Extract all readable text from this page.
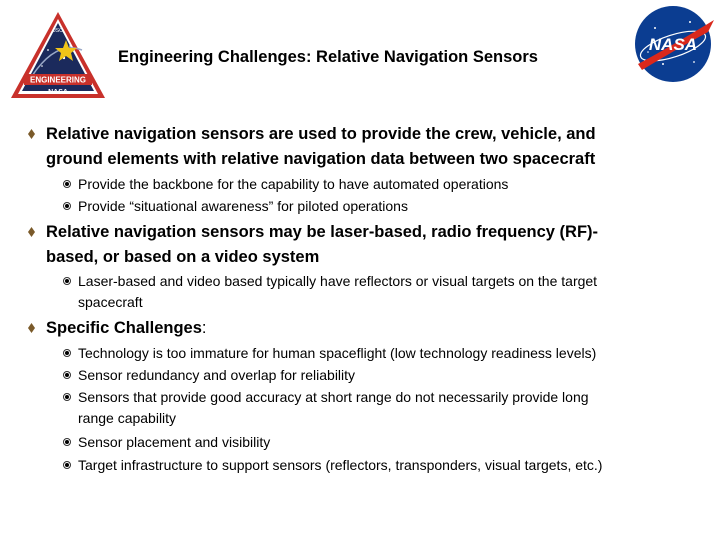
ENGINEERING
NASA
JSC
NASA
Engineering Challenges: Relative Navigation Sensors
Relative navigation sensors are used to provide the crew, vehicle, and
ground elements with relative navigation data between two spacecraft
Provide the backbone for the capability to have automated operations
Provide “situational awareness” for piloted operations
Relative navigation sensors may be laser-based, radio frequency (RF)-
based, or based on a video system
Laser-based and video based typically have reflectors or visual targets on the target
spacecraft
Specific Challenges:
Technology is too immature for human spaceflight (low technology readiness levels)
Sensor redundancy and overlap for reliability
Sensors that provide good accuracy at short range do not necessarily provide long
range capability
Sensor placement and visibility
Target infrastructure to support sensors (reflectors, transponders, visual targets, etc.)
